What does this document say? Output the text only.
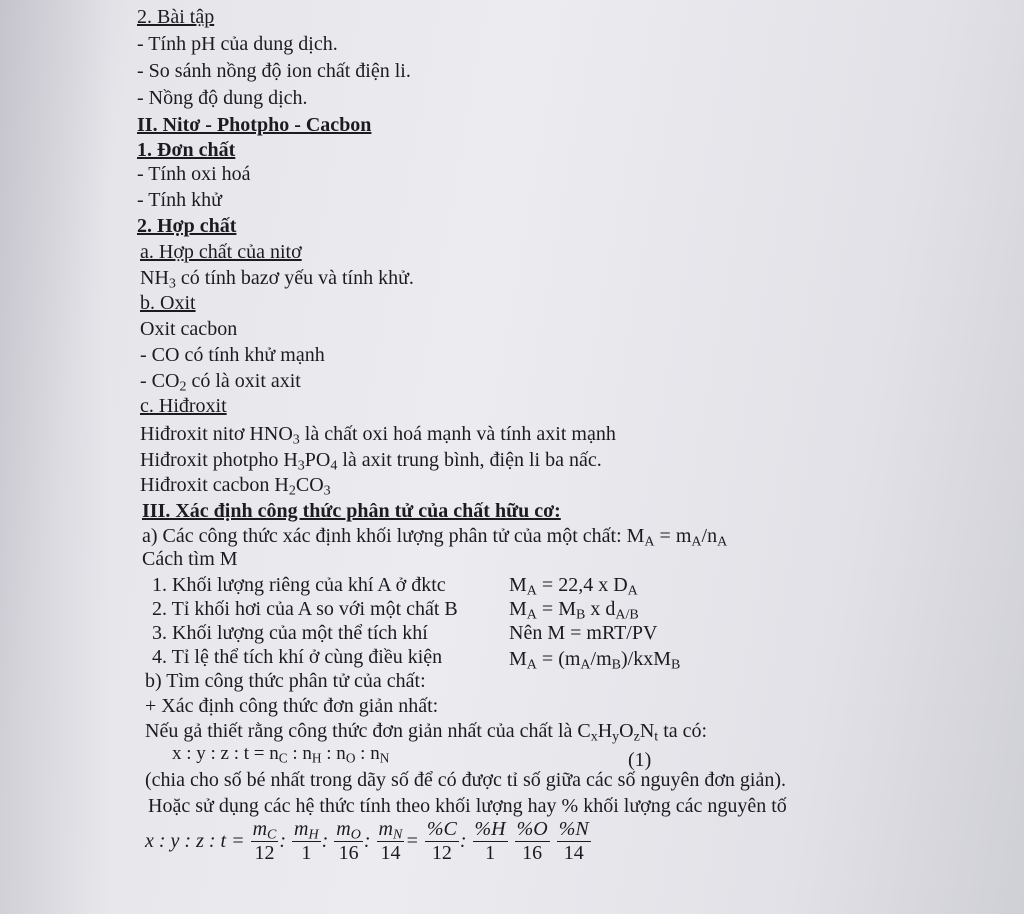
2. Bài tập
- Tính pH của dung dịch.
- So sánh nồng độ ion chất điện li.
- Nồng độ dung dịch.
II. Nitơ - Photpho - Cacbon
1. Đơn chất
- Tính oxi hoá
- Tính khử
2. Hợp chất
a. Hợp chất của nitơ
$NH_3$ có tính bazơ yếu và tính khử.
b. Oxit
Oxit cacbon
- CO có tính khử mạnh
- $CO_2$ có là oxit axit
c. Hiđroxit
Hiđroxit nitơ $HNO_3$ là chất oxi hoá mạnh và tính axit mạnh
Hiđroxit photpho $H_3PO_4$ là axit trung bình, điện li ba nấc.
Hiđroxit cacbon $H_2CO_3$
III. Xác định công thức phân tử của chất hữu cơ:
a) Các công thức xác định khối lượng phân tử của một chất: $M_A = m_A/n_A$
Cách tìm M
1. Khối lượng riêng của khí A ở đktc	$M_A = 22,4$ x $D_A$
2. Tỉ khối hơi của A so với một chất B	$M_A = M_B$ x $d_{A/B}$
3. Khối lượng của một thể tích khí	Nên M = mRT/PV
4. Tỉ lệ thể tích khí ở cùng điều kiện	$M_A = (m_A/m_B)/kxM_B$
b) Tìm công thức phân tử của chất:
+ Xác định công thức đơn giản nhất:
Nếu gả thiết rằng công thức đơn giản nhất của chất là $C_xH_yO_zN_t$ ta có:
x : y : z : $t = n_C$ : $n_H$ : $n_O$ : $n_N$	(1)
(chia cho số bé nhất trong dãy số để có được tỉ số giữa các số nguyên đơn giản).
Hoặc sử dụng các hệ thức tính theo khối lượng hay % khối lượng các nguyên tố
x : y : z : $t = \frac{m_C}{12}$ : $\frac{m_H}{1}$ : $\frac{m_O}{16}$ : $\frac{m_N}{14} = \frac{\%C}{12}$ : $\frac{\%H}{1}$
$\frac{\%O}{16}$
$\frac{\%N}{14}$
